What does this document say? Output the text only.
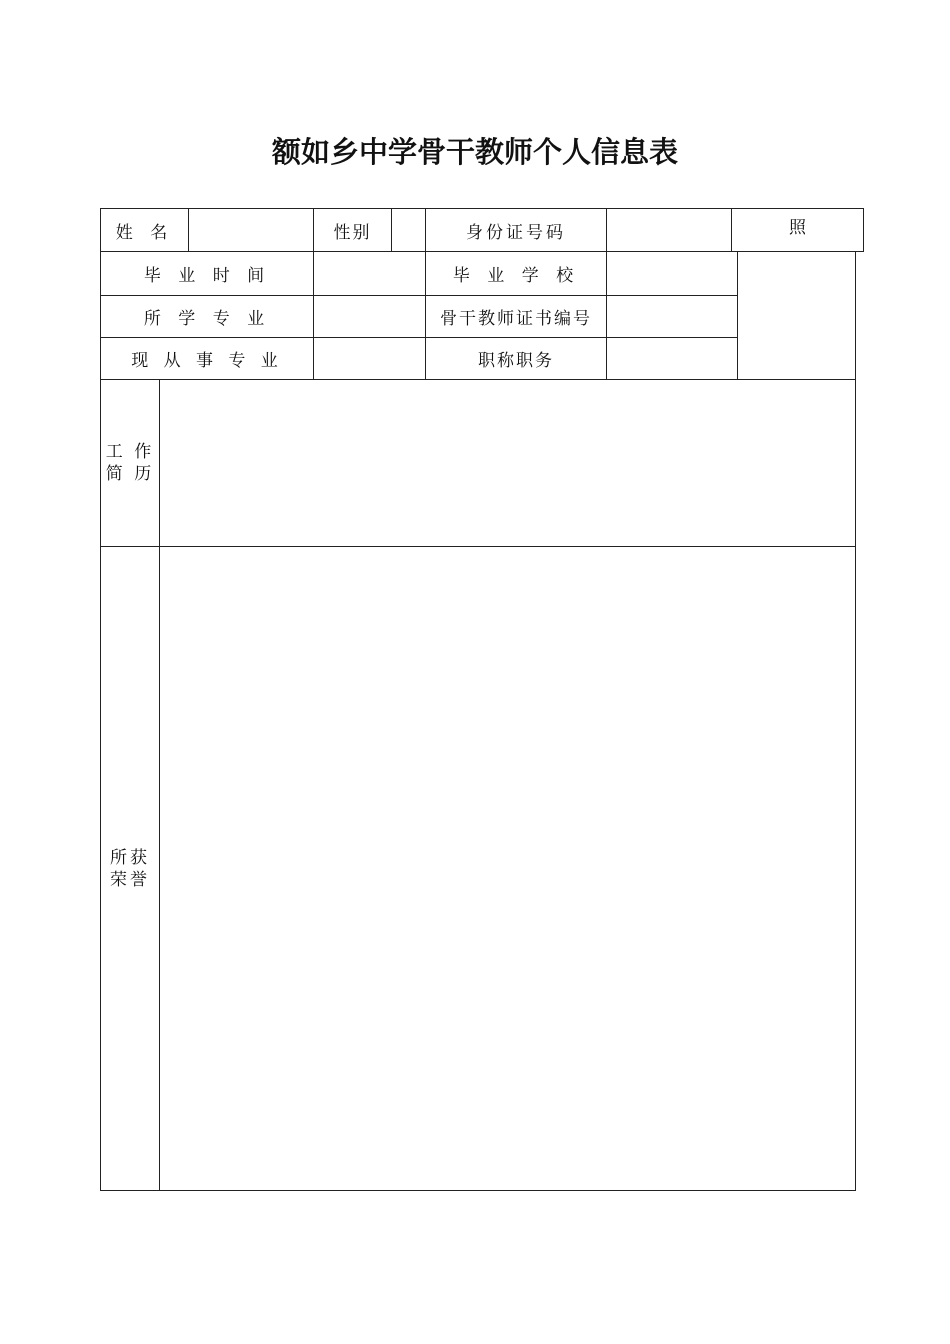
额如乡中学骨干教师个人信息表
姓 名	性别	身份证号码	照
毕 业 时 间	毕 业 学 校
所 学 专 业	骨干教师证书编号
现 从 事 专 业	职称职务
工 作
简 历
所获
荣誉
